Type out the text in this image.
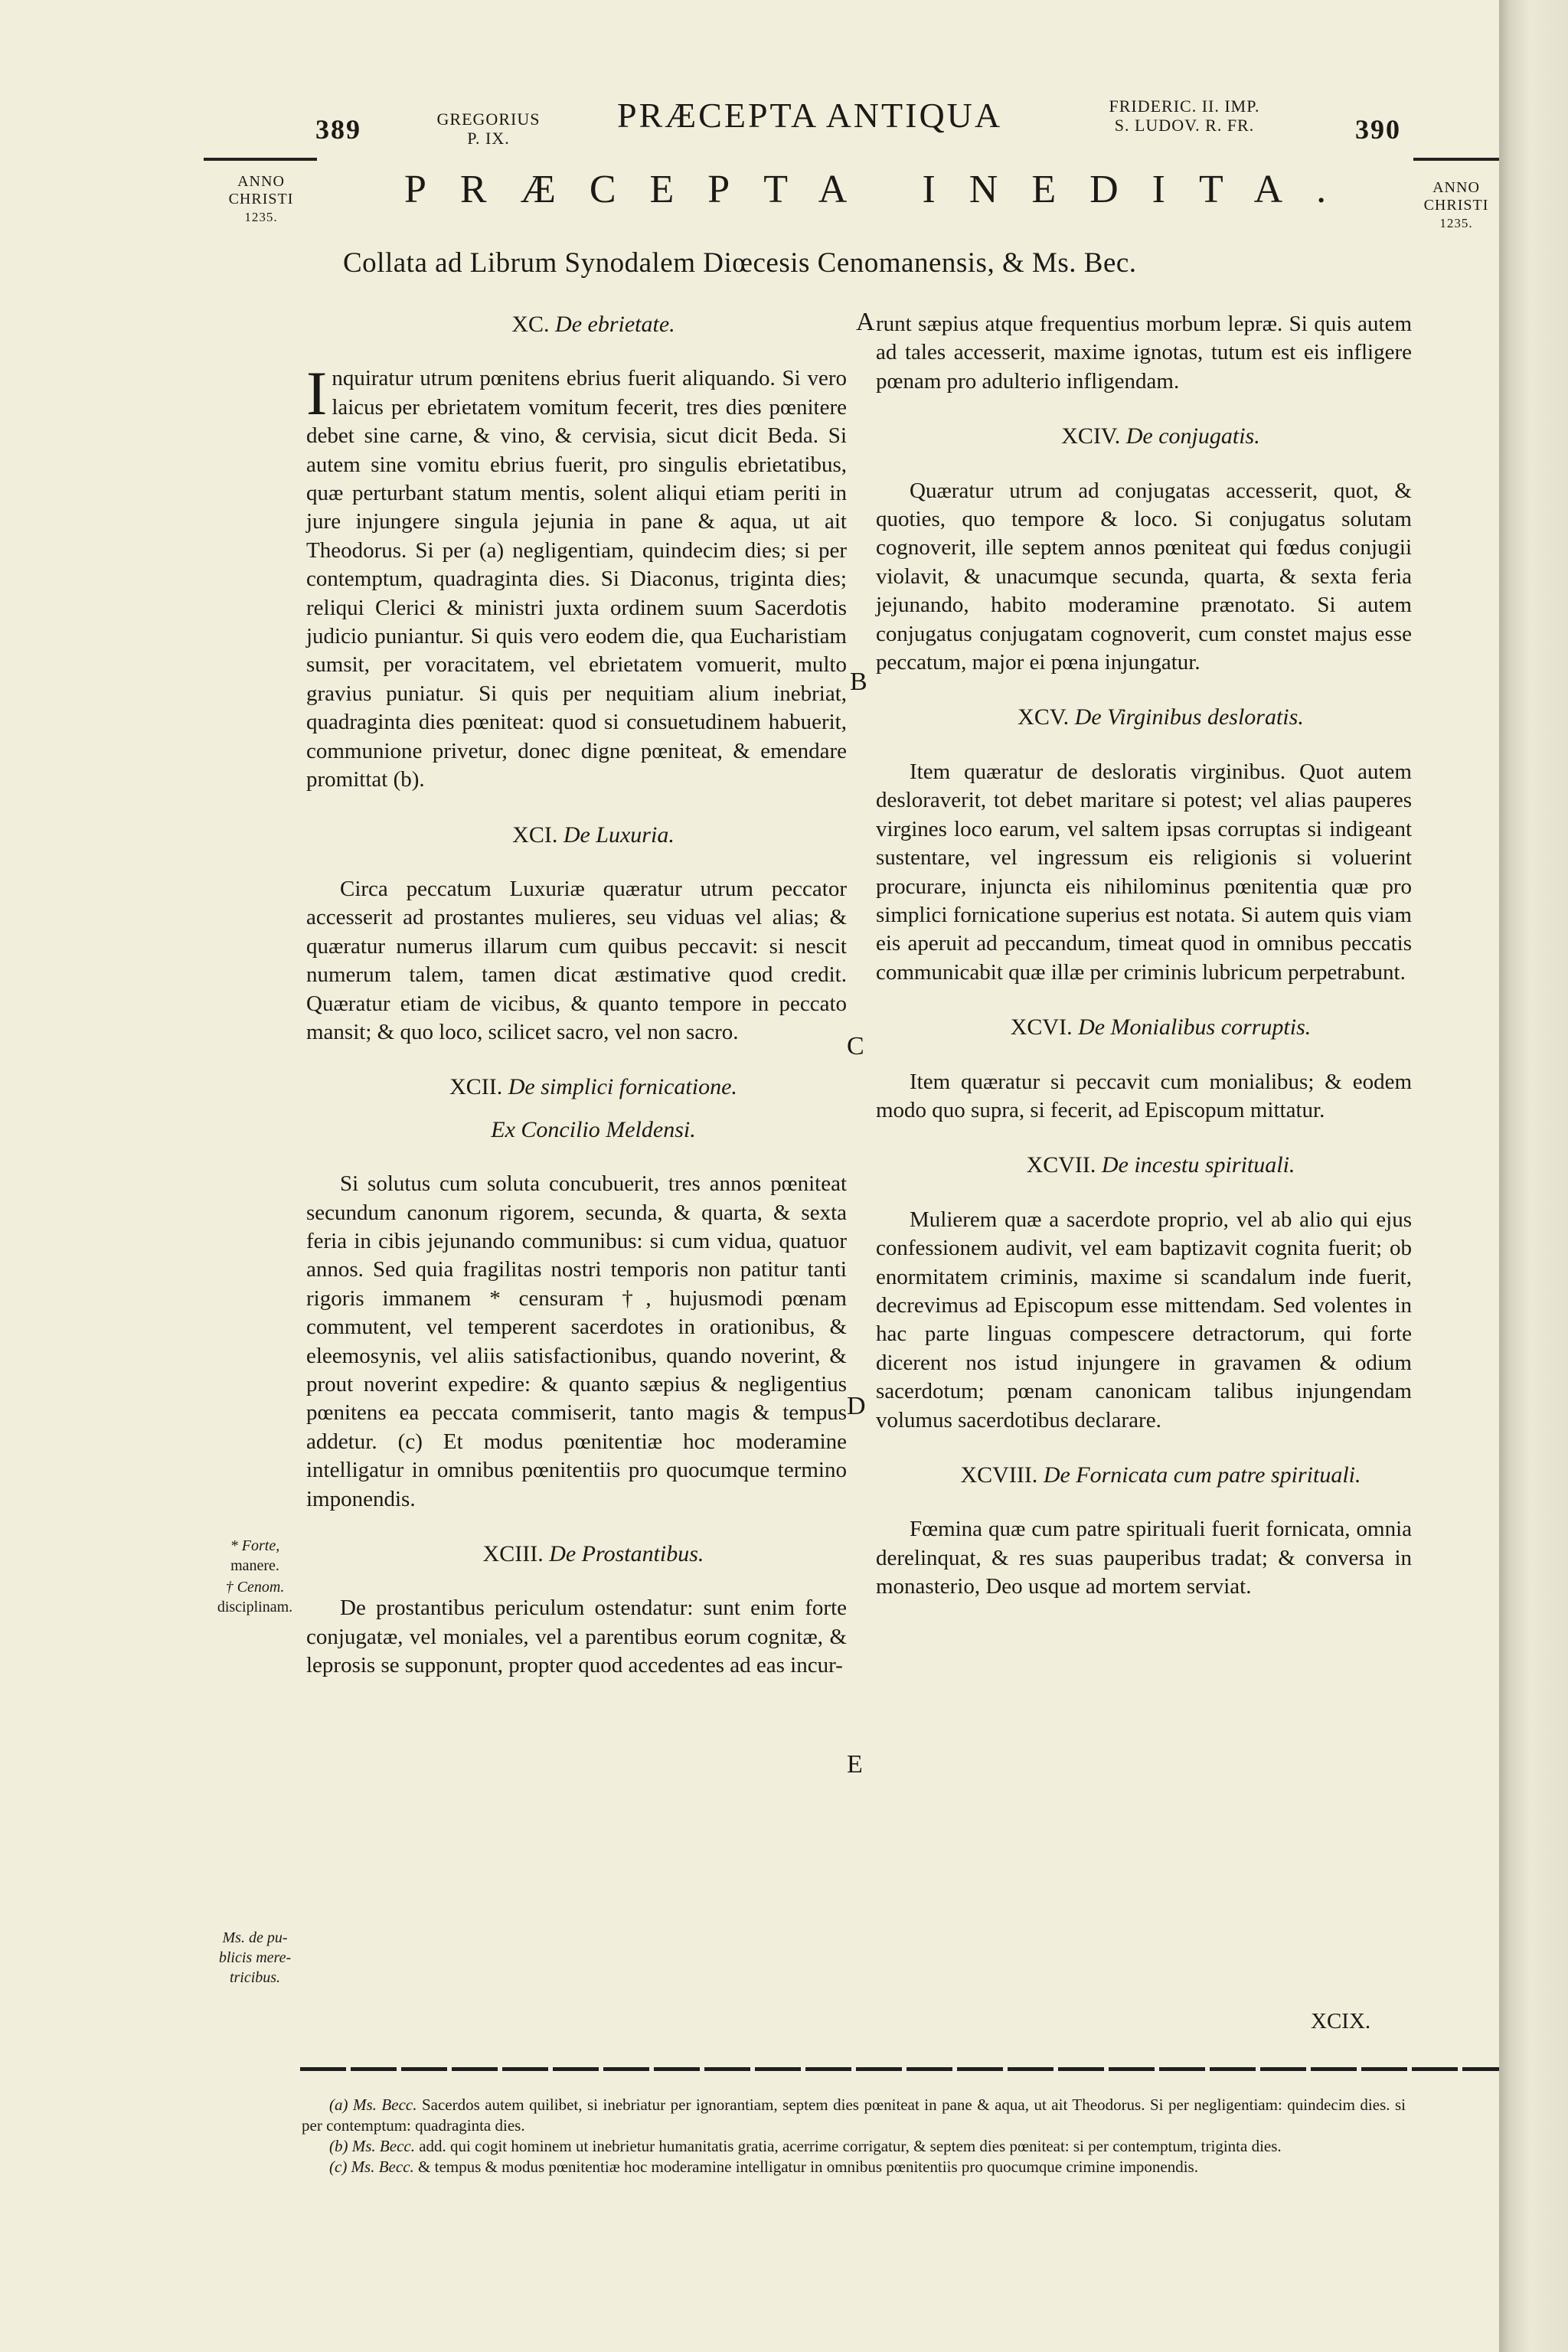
389	GREGORIUS
P. IX.
PRÆCEPTA ANTIQUA	FRIDERIC. II. IMP.
S. LUDOV. R. FR.	390
ANNO
CHRISTI
1235.
ANNO
CHRISTI
1235.
PRÆCEPTA INEDITA.
Collata ad Librum Synodalem Diœcesis Cenomanensis, & Ms. Bec.

XC. De ebrietate.

Inquiratur utrum pœnitens ebrius fuerit aliquando. Si vero laicus per ebrietatem vomitum fecerit, tres dies pœnitere debet sine carne, & vino, & cervisia, sicut dicit Beda. Si autem sine vomitu ebrius fuerit, pro singulis ebrietatibus, quæ perturbant statum mentis, solent aliqui etiam periti in jure injungere singula jejunia in pane & aqua, ut ait Theodorus. Si per (a) negligentiam, quindecim dies; si per contemptum, quadraginta dies. Si Diaconus, triginta dies; reliqui Clerici & ministri juxta ordinem suum Sacerdotis judicio puniantur. Si quis vero eodem die, qua Eucharistiam sumsit, per voracitatem, vel ebrietatem vomuerit, multo gravius puniatur. Si quis per nequitiam alium inebriat, quadraginta dies pœniteat: quod si consuetudinem habuerit, communione privetur, donec digne pœniteat, & emendare promittat (b).

XCI. De Luxuria.

Circa peccatum Luxuriæ quæratur utrum peccator accesserit ad prostantes mulieres, seu viduas vel alias; & quæratur numerus illarum cum quibus peccavit: si nescit numerum talem, tamen dicat æstimative quod credit. Quæratur etiam de vicibus, & quanto tempore in peccato mansit; & quo loco, scilicet sacro, vel non sacro.

XCII. De simplici fornicatione.

Ex Concilio Meldensi.

Si solutus cum soluta concubuerit, tres annos pœniteat secundum canonum rigorem, secunda, & quarta, & sexta feria in cibis jejunando communibus: si cum vidua, quatuor annos. Sed quia fragilitas nostri temporis non patitur tanti rigoris immanem * censuram †, hujusmodi pœnam commutent, vel temperent sacerdotes in orationibus, & eleemosynis, vel aliis satisfactionibus, quando noverint, & prout noverint expedire: & quanto sæpius & negligentius pœnitens ea peccata commiserit, tanto magis & tempus addetur. (c) Et modus pœnitentiæ hoc moderamine intelligatur in omnibus pœnitentiis pro quocumque termino imponendis.

XCIII. De Prostantibus.

De prostantibus periculum ostendatur: sunt enim forte conjugatæ, vel moniales, vel a parentibus eorum cognitæ, & leprosis se supponunt, propter quod accedentes ad eas incur-

A
B
C
D
E

runt sæpius atque frequentius morbum lepræ. Si quis autem ad tales accesserit, maxime ignotas, tutum est eis infligere pœnam pro adulterio infligendam.

XCIV. De conjugatis.

Quæratur utrum ad conjugatas accesserit, quot, & quoties, quo tempore & loco. Si conjugatus solutam cognoverit, ille septem annos pœniteat qui fœdus conjugii violavit, & unacumque secunda, quarta, & sexta feria jejunando, habito moderamine prænotato. Si autem conjugatus conjugatam cognoverit, cum constet majus esse peccatum, major ei pœna injungatur.

XCV. De Virginibus desloratis.

Item quæratur de desloratis virginibus. Quot autem desloraverit, tot debet maritare si potest; vel alias pauperes virgines loco earum, vel saltem ipsas corruptas si indigeant sustentare, vel ingressum eis religionis si voluerint procurare, injuncta eis nihilominus pœnitentia quæ pro simplici fornicatione superius est notata. Si autem quis viam eis aperuit ad peccandum, timeat quod in omnibus peccatis communicabit quæ illæ per criminis lubricum perpetrabunt.

XCVI. De Monialibus corruptis.

Item quæratur si peccavit cum monialibus; & eodem modo quo supra, si fecerit, ad Episcopum mittatur.

XCVII. De incestu spirituali.

Mulierem quæ a sacerdote proprio, vel ab alio qui ejus confessionem audivit, vel eam baptizavit cognita fuerit; ob enormitatem criminis, maxime si scandalum inde fuerit, decrevimus ad Episcopum esse mittendam. Sed volentes in hac parte linguas compescere detractorum, qui forte dicerent nos istud injungere in gravamen & odium sacerdotum; pœnam canonicam talibus injungendam volumus sacerdotibus declarare.

XCVIII. De Fornicata cum patre spirituali.

Fœmina quæ cum patre spirituali fuerit fornicata, omnia derelinquat, & res suas pauperibus tradat; & conversa in monasterio, Deo usque ad mortem serviat.

* Forte,
manere.
† Cenom.
disciplinam.
Ms. de pu-
blicis mere-
tricibus.
XCIX.

(a) Ms. Becc. Sacerdos autem quilibet, si inebriatur per ignorantiam, septem dies pœniteat in pane & aqua, ut ait Theodorus. Si per negligentiam: quindecim dies. si per contemptum: quadraginta dies.

(b) Ms. Becc. add. qui cogit hominem ut inebrietur humanitatis gratia, acerrime corrigatur, & septem dies pœniteat: si per contemptum, triginta dies.

(c) Ms. Becc. & tempus & modus pœnitentiæ hoc moderamine intelligatur in omnibus pœnitentiis pro quocumque crimine imponendis.
